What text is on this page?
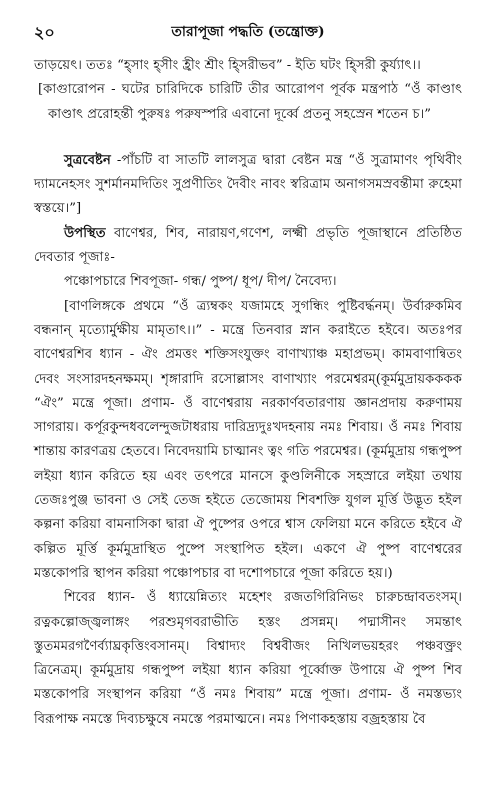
২০	তারাপূজা পদ্ধতি (তন্ত্রোক্ত)

তাড়য়েৎ। ততঃ “হ্সাং হ্সীং হ্রীং শ্রীং হ্সিরীভব” - ইতি ঘটং হ্সিরী কুর্য্যাৎ।।

[কাগুারোপন - ঘটের চারিদিকে চারিটি তীর আরোপণ পূর্বক মন্ত্রপাঠ “ওঁ কাণ্ডাৎ কাণ্ডাৎ প্ররোহন্তী পুরুষঃ পরুষস্পরি এবানো দূর্ব্বে প্রতনু সহস্রেন শতেন চ।”

সুত্রবেষ্টন -পাঁচটি বা সাতটি লালসুত্র দ্বারা বেষ্টন মন্ত্র “ওঁ সুত্রামাণং পৃথিবীং দ্যামনেহসং সুশর্মানমদিতিং সুপ্রণীতিং দৈবীং নাবং স্বরিত্রাম অনাগসমস্রবন্তীমা রুহেমা স্বস্তয়ে।”]

উপস্থিত বাণেশ্বর, শিব, নারায়ণ,গণেশ, লক্ষ্মী প্রভৃতি পূজাস্থানে প্রতিষ্ঠিত দেবতার পূজাঃ-

পঞ্চোপচারে শিবপূজা- গন্ধ/ পুষ্প/ ধূপ/ দীপ/ নৈবেদ্য।

[বাণলিঙ্গকে প্রথমে “ওঁ ত্র্যম্বকং যজামহে সুগন্ধিং পুষ্টিবর্দ্ধনম্। উর্বারুকমিব বন্ধনান্ মৃত্যোর্মুক্ষীয় মামৃতাৎ।।” - মন্ত্রে তিনবার স্নান করাইতে হইবে। অতঃপর বাণেশ্বরশিব ধ্যান - ঐং প্রমত্তং শক্তিসংযুক্তং বাণাখ্যাঞ্চ মহাপ্রভম্। কামবাণান্বিতং দেবং সংসারদহনক্ষমম্। শৃঙ্গারাদি রসোল্লাসং বাণাখ্যাং পরমেশ্বরম্(কূর্মমুদ্রায়কককক “ঐং” মন্ত্রে পূজা। প্রণাম- ওঁ বাণেশ্বরায় নরকার্ণবতারণায় জ্ঞানপ্রদায় করুণাময় সাগরায়। কর্পূরকুন্দধবলেন্দুজটাধরায় দারিদ্র্যদুঃখদহনায় নমঃ শিবায়। ওঁ নমঃ শিবায় শান্তায় কারণত্রয় হেতবে। নিবেদয়ামি চাত্মানং ত্বং গতি পরমেশ্বর। (কূর্মমুদ্রায় গন্ধপুষ্প লইয়া ধ্যান করিতে হয় এবং তৎপরে মানসে কুণ্ডলিনীকে সহস্রারে লইয়া তথায় তেজঃপুঞ্জ ভাবনা ও সেই তেজ হইতে তেজোময় শিবশক্তি যুগল মূর্ত্তি উদ্ভূত হইল কল্পনা করিয়া বামনাসিকা দ্বারা ঐ পুষ্পের ওপরে শ্বাস ফেলিয়া মনে করিতে হইবে ঐ কল্পিত মূর্ত্তি কূর্মমুদ্রাস্থিত পুষ্পে সংস্থাপিত হইল। একণে ঐ পুষ্প বাণেশ্বরের মস্তকোপরি স্থাপন করিয়া পঞ্চোপচার বা দশোপচারে পূজা করিতে হয়।)

শিবের ধ্যান- ওঁ ধ্যায়েন্নিত্যং মহেশং রজতগিরিনিভং চারুচন্দ্রাবতংসম্। রত্নকল্পোজ্জ্বলাঙ্গং পরশুমৃগবরাভীতি হস্তং প্রসন্নম্। পদ্মাসীনং সমন্তাৎ স্তুতমমরগণৈর্ব্যাঘ্রকৃত্তিংবসানম্। বিশ্বাদ্যং বিশ্ববীজং নিখিলভয়হরং পঞ্চবক্ত্রং ত্রিনেত্রম্। কূর্মমুদ্রায় গন্ধপুষ্প লইয়া ধ্যান করিয়া পূর্ব্বোক্ত উপায়ে ঐ পুষ্প শিব মস্তকোপরি সংস্থাপন করিয়া “ওঁ নমঃ শিবায়” মন্ত্রে পূজা। প্রণাম- ওঁ নমস্তভ্যং বিরূপাক্ষ নমস্তে দিব্যচক্ষুষে নমস্তে পরমাত্মনে। নমঃ পিণাকহস্তায় বজ্রহস্তায় বৈ
